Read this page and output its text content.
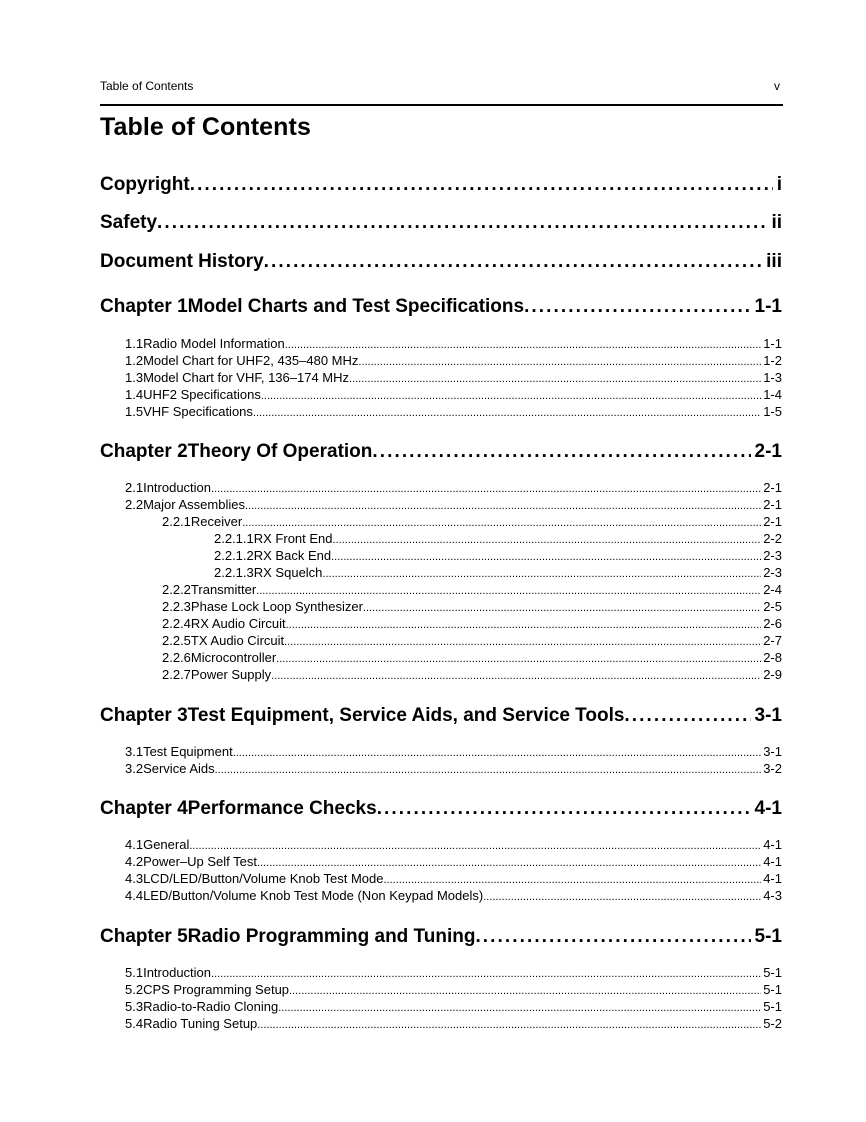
Table of Contents	v
Table of Contents
Copyright . . .	i
Safety . . .	ii
Document History . . .	iii
Chapter 1 Model Charts and Test Specifications . . .	1-1
1.1 Radio Model Information .....	1-1
1.2 Model Chart for UHF2, 435–480 MHz .....	1-2
1.3 Model Chart for VHF, 136–174 MHz .....	1-3
1.4 UHF2 Specifications .....	1-4
1.5 VHF Specifications .....	1-5
Chapter 2 Theory Of Operation . . .	2-1
2.1 Introduction .....	2-1
2.2 Major Assemblies .....	2-1
2.2.1 Receiver .....	2-1
2.2.1.1 RX Front End .....	2-2
2.2.1.2 RX Back End .....	2-3
2.2.1.3 RX Squelch .....	2-3
2.2.2 Transmitter .....	2-4
2.2.3 Phase Lock Loop Synthesizer .....	2-5
2.2.4 RX Audio Circuit .....	2-6
2.2.5 TX Audio Circuit .....	2-7
2.2.6 Microcontroller .....	2-8
2.2.7 Power Supply .....	2-9
Chapter 3 Test Equipment, Service Aids, and Service Tools . . .	3-1
3.1 Test Equipment .....	3-1
3.2 Service Aids .....	3-2
Chapter 4 Performance Checks . . .	4-1
4.1 General .....	4-1
4.2 Power–Up Self Test .....	4-1
4.3 LCD/LED/Button/Volume Knob Test Mode .....	4-1
4.4 LED/Button/Volume Knob Test Mode (Non Keypad Models) .....	4-3
Chapter 5 Radio Programming and Tuning . . .	5-1
5.1 Introduction .....	5-1
5.2 CPS Programming Setup .....	5-1
5.3 Radio-to-Radio Cloning .....	5-1
5.4 Radio Tuning Setup .....	5-2
